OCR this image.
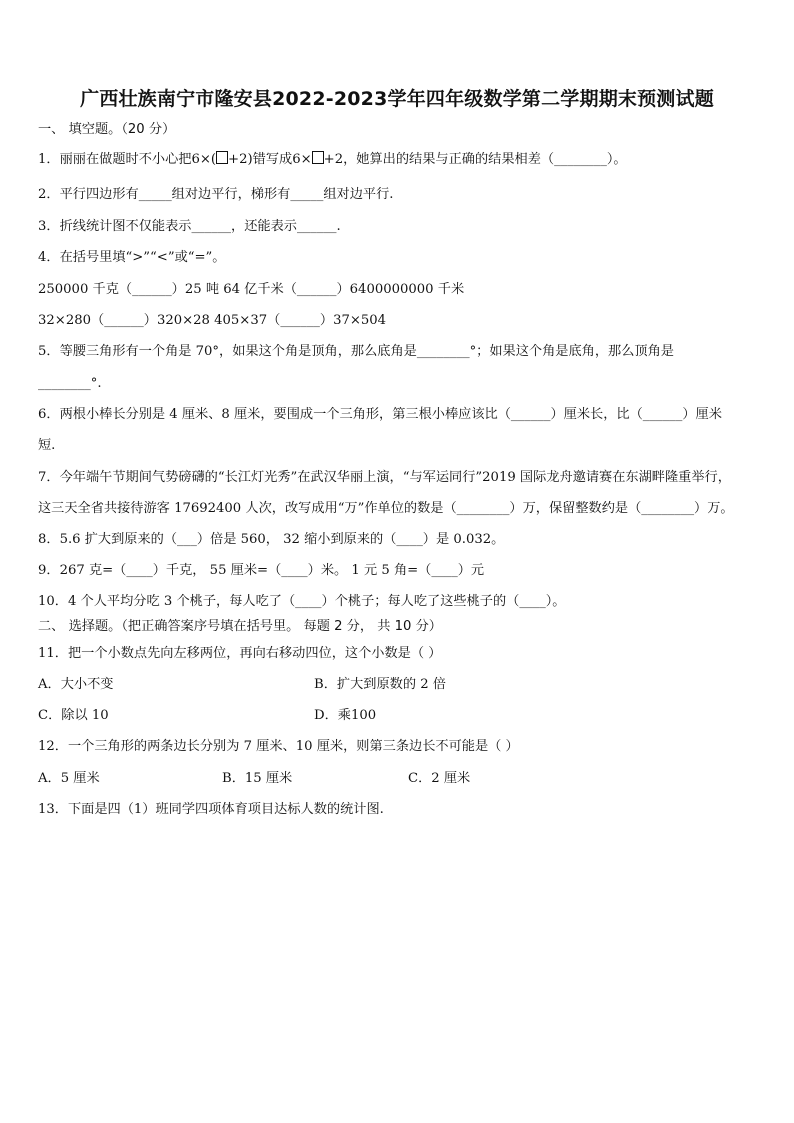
广西壮族南宁市隆安县2022-2023学年四年级数学第二学期期末预测试题
一、 填空题。（20 分）
1．丽丽在做题时不小心把6×( +2)错写成6× +2，她算出的结果与正确的结果相差（________）。
2．平行四边形有_____组对边平行，梯形有_____组对边平行.
3．折线统计图不仅能表示______，还能表示______.
4．在括号里填“>”“<”或“=”。
250000 千克（______）25 吨 64 亿千米（______）6400000000 千米
32×280（______）320×28 405×37（______）37×504
5．等腰三角形有一个角是 70°，如果这个角是顶角，那么底角是________°；如果这个角是底角，那么顶角是
________°.
6．两根小棒长分别是 4 厘米、8 厘米，要围成一个三角形，第三根小棒应该比（______）厘米长，比（______）厘米
短.
7．今年端午节期间气势磅礴的“长江灯光秀”在武汉华丽上演，“与军运同行”2019 国际龙舟邀请赛在东湖畔隆重举行，
这三天全省共接待游客 17692400 人次，改写成用“万”作单位的数是（________）万，保留整数约是（________）万。
8．5.6 扩大到原来的（___）倍是 560， 32 缩小到原来的（____）是 0.032。
9．267 克=（____）千克， 55 厘米=（____）米。 1 元 5 角=（____）元
10．4 个人平均分吃 3 个桃子，每人吃了（____）个桃子；每人吃了这些桃子的（____）。
二、 选择题。（把正确答案序号填在括号里。 每题 2 分， 共 10 分）
11．把一个小数点先向左移两位，再向右移动四位，这个小数是（ ）
A．大小不变	B．扩大到原数的 2 倍
C．除以 10	D．乘100
12．一个三角形的两条边长分别为 7 厘米、10 厘米，则第三条边长不可能是（ ）
A．5 厘米	B．15 厘米	C．2 厘米
13．下面是四（1）班同学四项体育项目达标人数的统计图.
